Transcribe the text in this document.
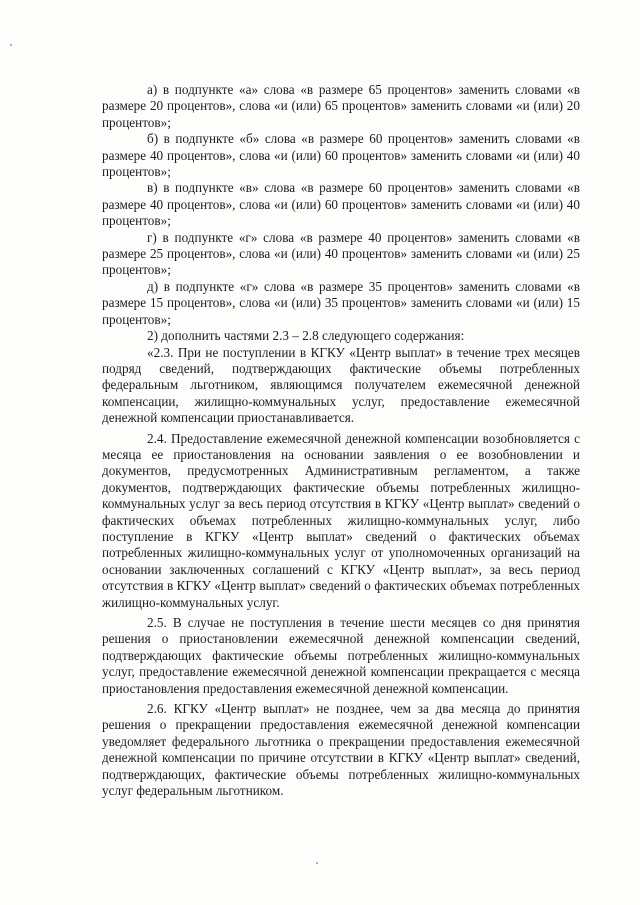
а) в подпункте «а» слова «в размере 65 процентов» заменить словами «в размере 20 процентов», слова «и (или) 65 процентов» заменить словами «и (или) 20 процентов»;

б) в подпункте «б» слова «в размере 60 процентов» заменить словами «в размере 40 процентов», слова «и (или) 60 процентов» заменить словами «и (или) 40 процентов»;

в) в подпункте «в» слова «в размере 60 процентов» заменить словами «в размере 40 процентов», слова «и (или) 60 процентов» заменить словами «и (или) 40 процентов»;

г) в подпункте «г» слова «в размере 40 процентов» заменить словами «в размере 25 процентов», слова «и (или) 40 процентов» заменить словами «и (или) 25 процентов»;

д) в подпункте «г» слова «в размере 35 процентов» заменить словами «в размере 15 процентов», слова «и (или) 35 процентов» заменить словами «и (или) 15 процентов»;

2) дополнить частями 2.3 – 2.8 следующего содержания:

«2.3. При не поступлении в КГКУ «Центр выплат» в течение трех месяцев подряд сведений, подтверждающих фактические объемы потребленных федеральным льготником, являющимся получателем ежемесячной денежной компенсации, жилищно-коммунальных услуг, предоставление ежемесячной денежной компенсации приостанавливается.

2.4. Предоставление ежемесячной денежной компенсации возобновляется с месяца ее приостановления на основании заявления о ее возобновлении и документов, предусмотренных Административным регламентом, а также документов, подтверждающих фактические объемы потребленных жилищно-коммунальных услуг за весь период отсутствия в КГКУ «Центр выплат» сведений о фактических объемах потребленных жилищно-коммунальных услуг, либо поступление в КГКУ «Центр выплат» сведений о фактических объемах потребленных жилищно-коммунальных услуг от уполномоченных организаций на основании заключенных соглашений с КГКУ «Центр выплат», за весь период отсутствия в КГКУ «Центр выплат» сведений о фактических объемах потребленных жилищно-коммунальных услуг.

2.5. В случае не поступления в течение шести месяцев со дня принятия решения о приостановлении ежемесячной денежной компенсации сведений, подтверждающих фактические объемы потребленных жилищно-коммунальных услуг, предоставление ежемесячной денежной компенсации прекращается с месяца приостановления предоставления ежемесячной денежной компенсации.

2.6. КГКУ «Центр выплат» не позднее, чем за два месяца до принятия решения о прекращении предоставления ежемесячной денежной компенсации уведомляет федерального льготника о прекращении предоставления ежемесячной денежной компенсации по причине отсутствии в КГКУ «Центр выплат» сведений, подтверждающих, фактические объемы потребленных жилищно-коммунальных услуг федеральным льготником.
